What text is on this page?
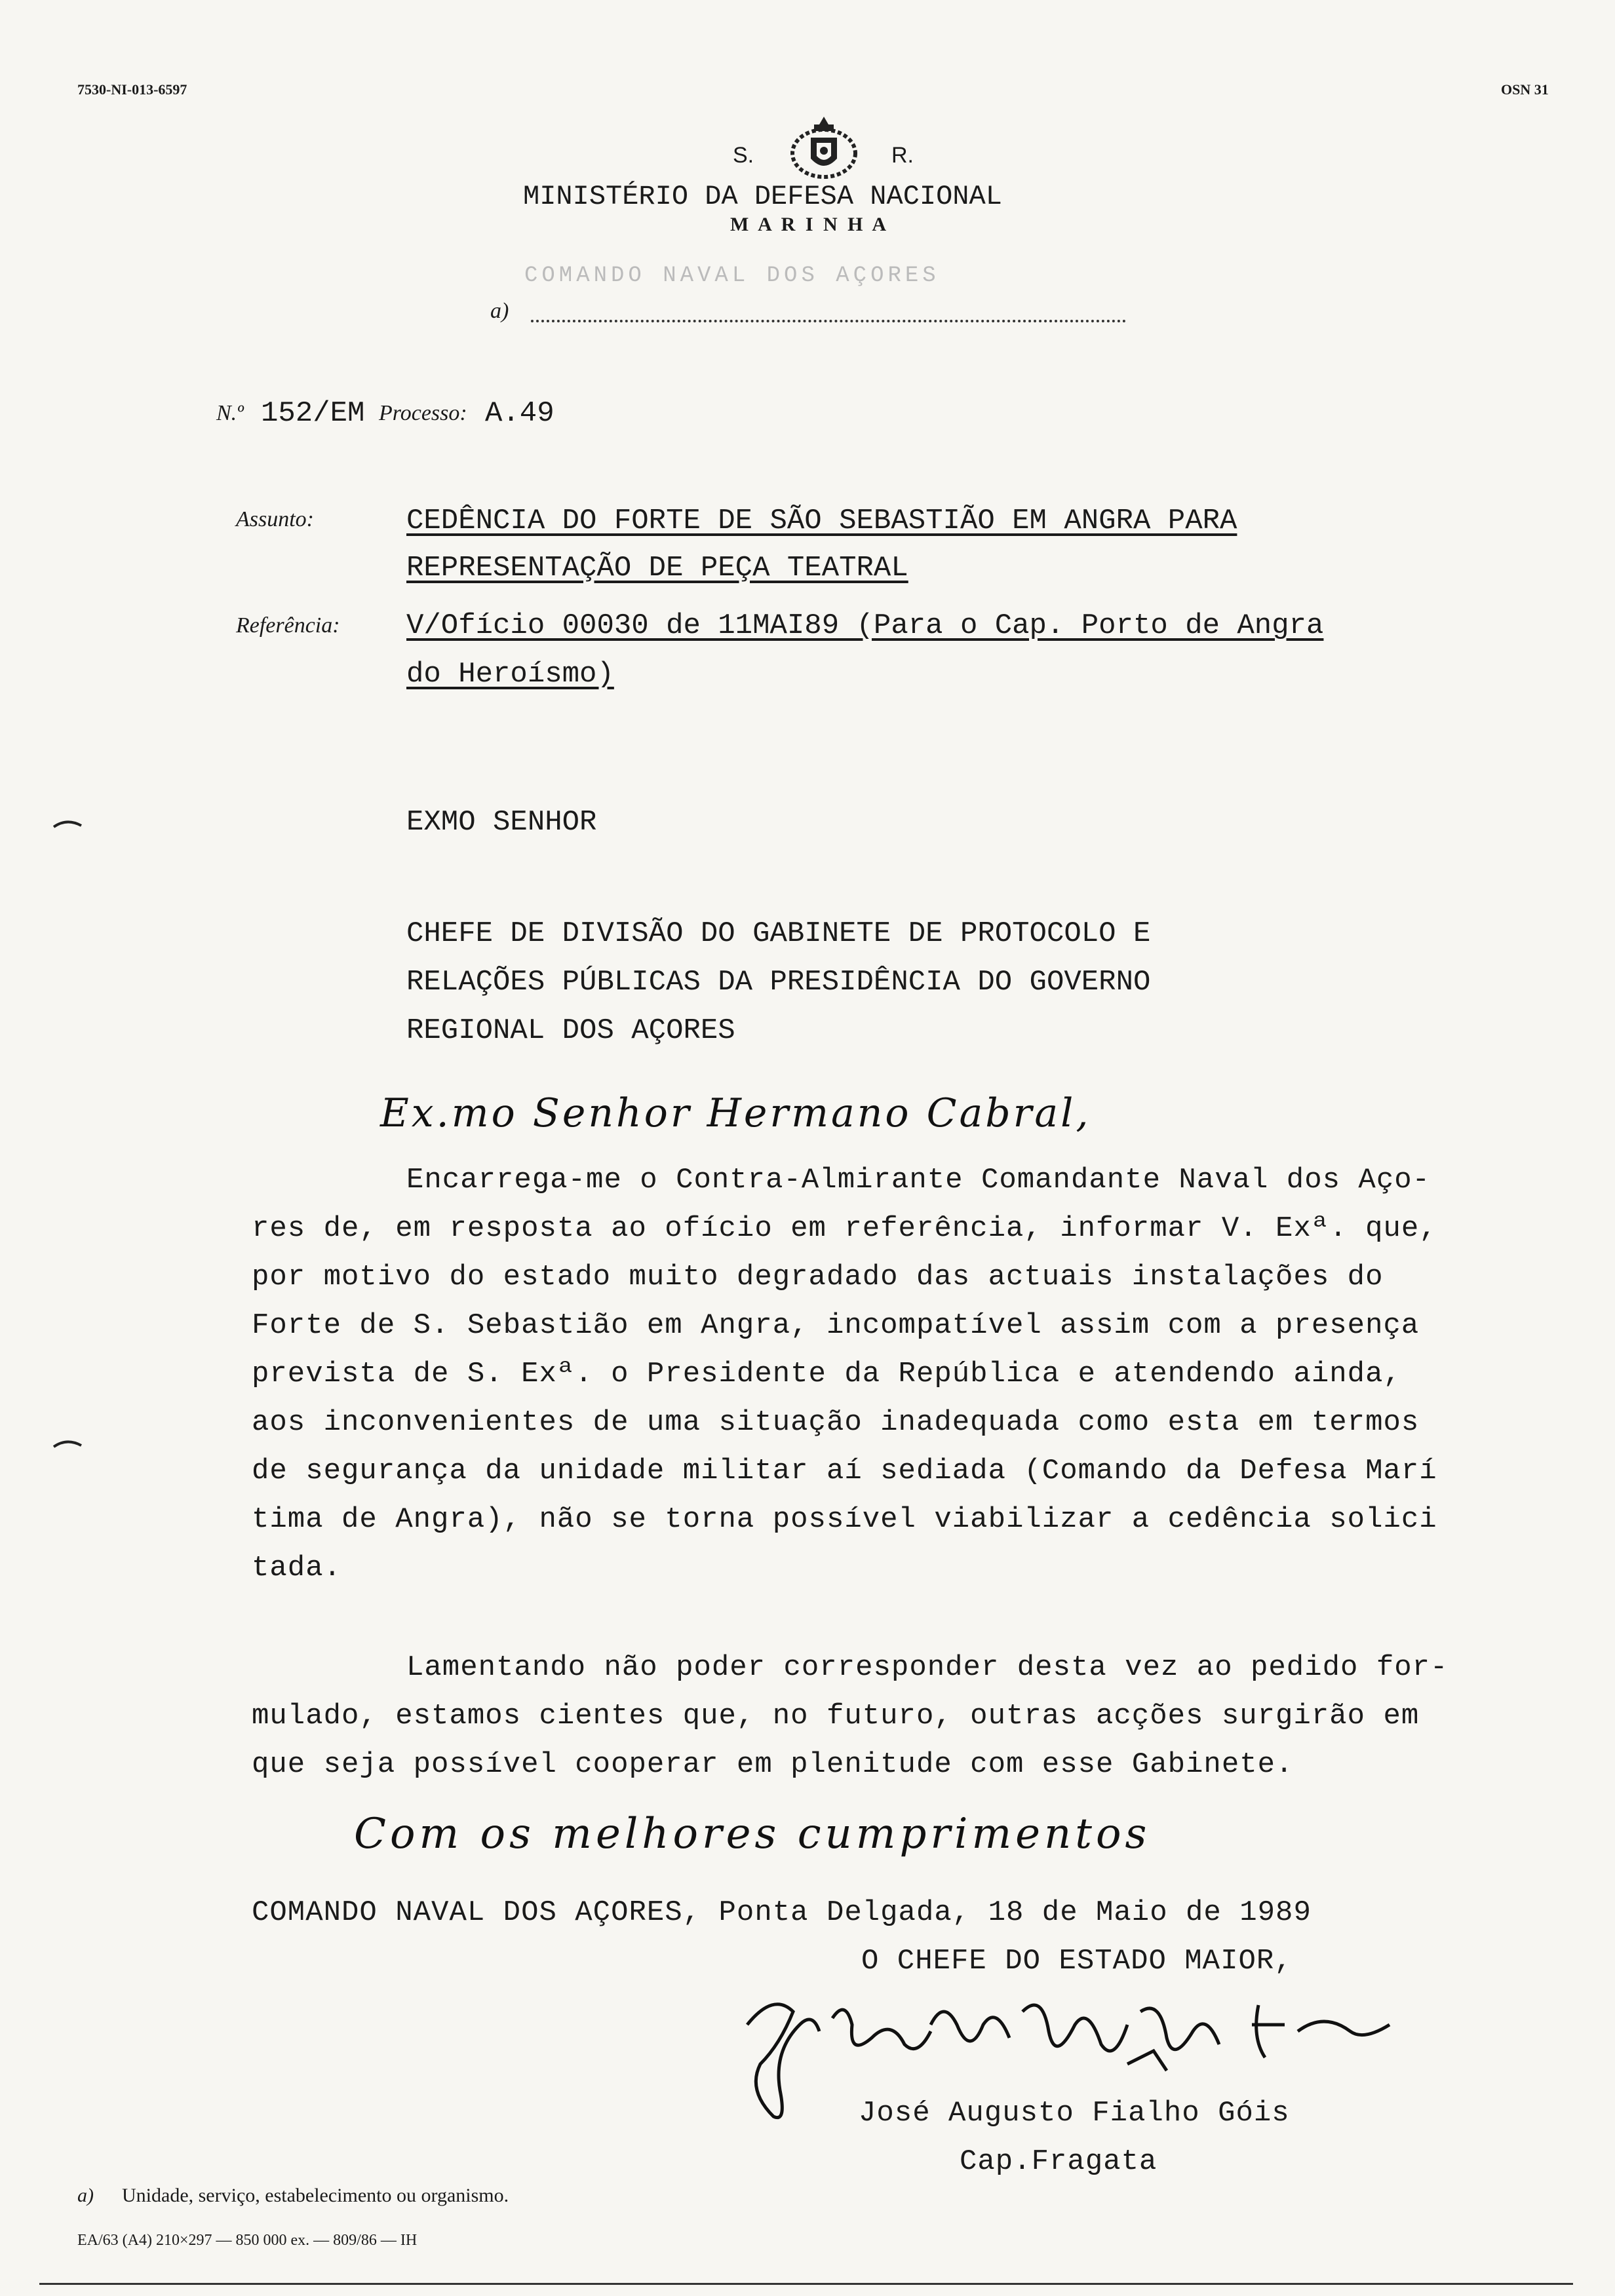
7530-NI-013-6597	OSN 31
S.	R.
MINISTÉRIO DA DEFESA NACIONAL
M A R I N H A
COMANDO NAVAL DOS AÇORES
a)
N.º 152/EM Processo: A.49
Assunto:	CEDÊNCIA DO FORTE DE SÃO SEBASTIÃO EM ANGRA PARA
REPRESENTAÇÃO DE PEÇA TEATRAL
Referência: V/Ofício 00030 de 11MAI89 (Para o Cap. Porto de Angra
do Heroísmo)
EXMO SENHOR
CHEFE DE DIVISÃO DO GABINETE DE PROTOCOLO E
RELAÇÕES PÚBLICAS DA PRESIDÊNCIA DO GOVERNO
REGIONAL DOS AÇORES
Ex.mo Senhor Hermano Cabral,
Encarrega-me o Contra-Almirante Comandante Naval dos Aço-
res de, em resposta ao ofício em referência, informar V. Exª. que,
por motivo do estado muito degradado das actuais instalações do
Forte de S. Sebastião em Angra, incompatível assim com a presença
prevista de S. Exª. o Presidente da República e atendendo ainda,
aos inconvenientes de uma situação inadequada como esta em termos
de segurança da unidade militar aí sediada (Comando da Defesa Marí
tima de Angra), não se torna possível viabilizar a cedência solici
tada.
Lamentando não poder corresponder desta vez ao pedido for-
mulado, estamos cientes que, no futuro, outras acções surgirão em
que seja possível cooperar em plenitude com esse Gabinete.
Com os melhores cumprimentos
COMANDO NAVAL DOS AÇORES, Ponta Delgada, 18 de Maio de 1989
O CHEFE DO ESTADO MAIOR,
José Augusto Fialho Góis
Cap.Fragata
a) Unidade, serviço, estabelecimento ou organismo.
EA/63 (A4) 210×297 — 850 000 ex. — 809/86 — IH
